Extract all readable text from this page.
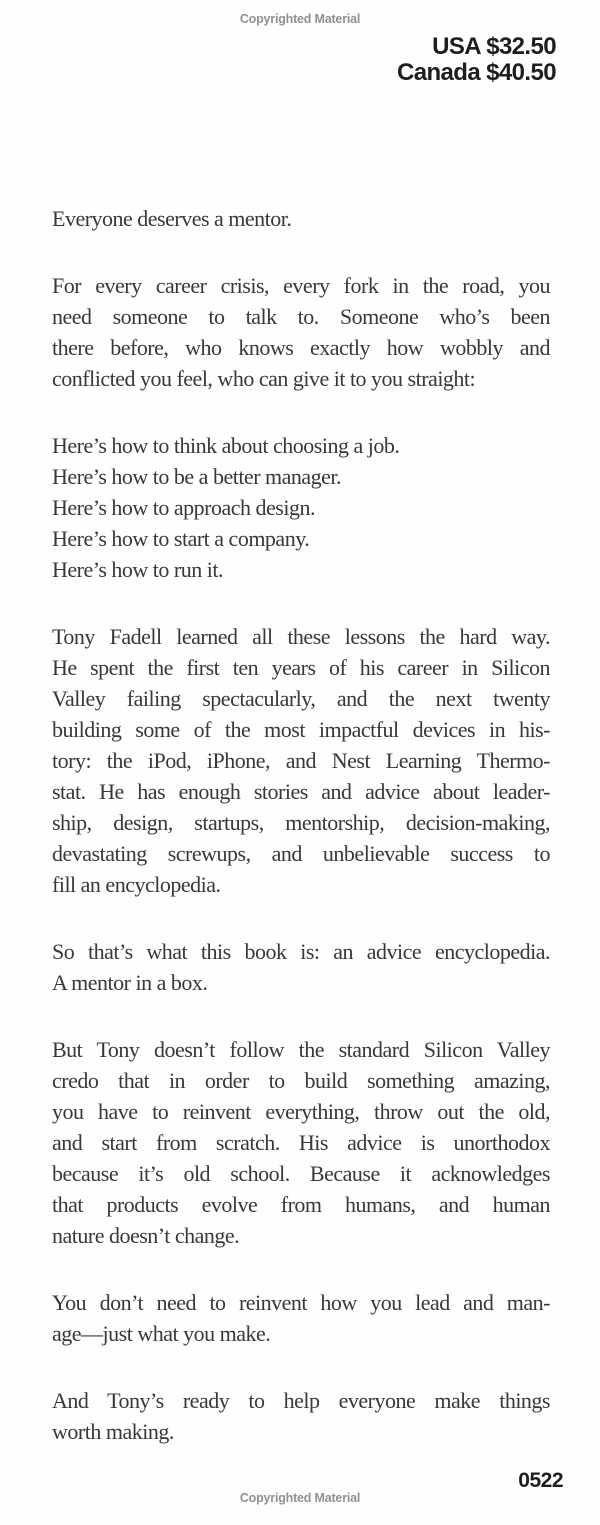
Copyrighted Material
USA $32.50
Canada $40.50

Everyone deserves a mentor.

For every career crisis, every fork in the road, you
need someone to talk to. Someone who’s been
there before, who knows exactly how wobbly and
conflicted you feel, who can give it to you straight:

Here’s how to think about choosing a job.
Here’s how to be a better manager.
Here’s how to approach design.
Here’s how to start a company.
Here’s how to run it.

Tony Fadell learned all these lessons the hard way.
He spent the first ten years of his career in Silicon
Valley failing spectacularly, and the next twenty
building some of the most impactful devices in his-
tory: the iPod, iPhone, and Nest Learning Thermo-
stat. He has enough stories and advice about leader-
ship, design, startups, mentorship, decision-making,
devastating screwups, and unbelievable success to
fill an encyclopedia.

So that’s what this book is: an advice encyclopedia.
A mentor in a box.

But Tony doesn’t follow the standard Silicon Valley
credo that in order to build something amazing,
you have to reinvent everything, throw out the old,
and start from scratch. His advice is unorthodox
because it’s old school. Because it acknowledges
that products evolve from humans, and human
nature doesn’t change.

You don’t need to reinvent how you lead and man-
age—just what you make.

And Tony’s ready to help everyone make things
worth making.

0522
Copyrighted Material
